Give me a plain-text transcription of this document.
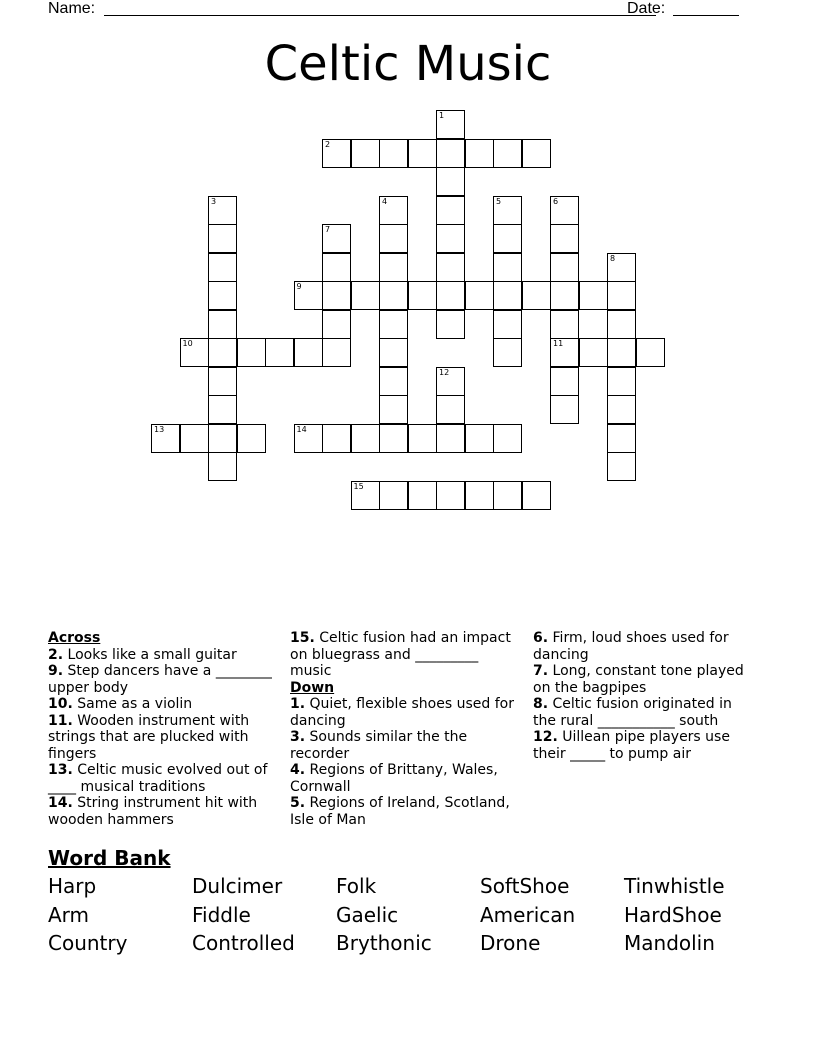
Name:	Date:
Celtic Music
1
2
3	4	5	6
11
7
8
9
10
12
13	14
15
Across
2. Looks like a small guitar
9. Step dancers have a ________ upper body
10. Same as a violin
11. Wooden instrument with strings that are plucked with fingers
13. Celtic music evolved out of ____ musical traditions
14. String instrument hit with wooden hammers
15. Celtic fusion had an impact on bluegrass and _________ music
Down
1. Quiet, flexible shoes used for dancing
3. Sounds similar the the recorder
4. Regions of Brittany, Wales, Cornwall
5. Regions of Ireland, Scotland, Isle of Man
6. Firm, loud shoes used for dancing
7. Long, constant tone played on the bagpipes
8. Celtic fusion originated in the rural ___________ south
12. Uillean pipe players use their _____ to pump air
Word Bank
Harp	Dulcimer	Folk	SoftShoe	Tinwhistle
Arm	Fiddle	Gaelic	American HardShoe
Country	Controlled Brythonic Drone	Mandolin
